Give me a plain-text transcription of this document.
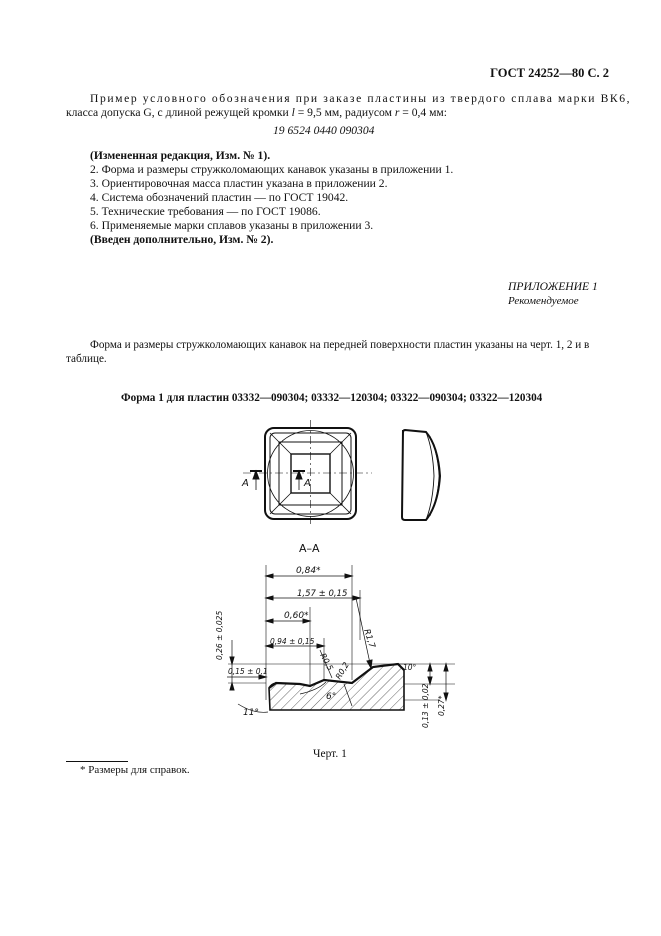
ГОСТ 24252—80 С. 2
Пример условного обозначения при заказе пластины из твердого сплава марки ВК6,
класса допуска G, с длиной режущей кромки l = 9,5 мм, радиусом r = 0,4 мм:
19 6524 0440 090304
(Измененная редакция, Изм. № 1).
2. Форма и размеры стружколомающих канавок указаны в приложении 1.
3. Ориентировочная масса пластин указана в приложении 2.
4. Система обозначений пластин — по ГОСТ 19042.
5. Технические требования — по ГОСТ 19086.
6. Применяемые марки сплавов указаны в приложении 3.
(Введен дополнительно, Изм. № 2).
ПРИЛОЖЕНИЕ 1
Рекомендуемое
Форма и размеры стружколомающих канавок на передней поверхности пластин указаны на черт. 1, 2 и в
таблице.
Форма 1 для пластин 03332—090304; 03332—120304; 03322—090304; 03322—120304
А	А
А–А
0,84*
1,57 ± 0,15
0,60*
0,94 ± 0,15	R1,7
R0,5 R0,2
0,26 ± 0,025
0,15 ± 0,1
6°
11°
10°
0,13 ± 0,02 0,27*
Черт. 1
* Размеры для справок.
